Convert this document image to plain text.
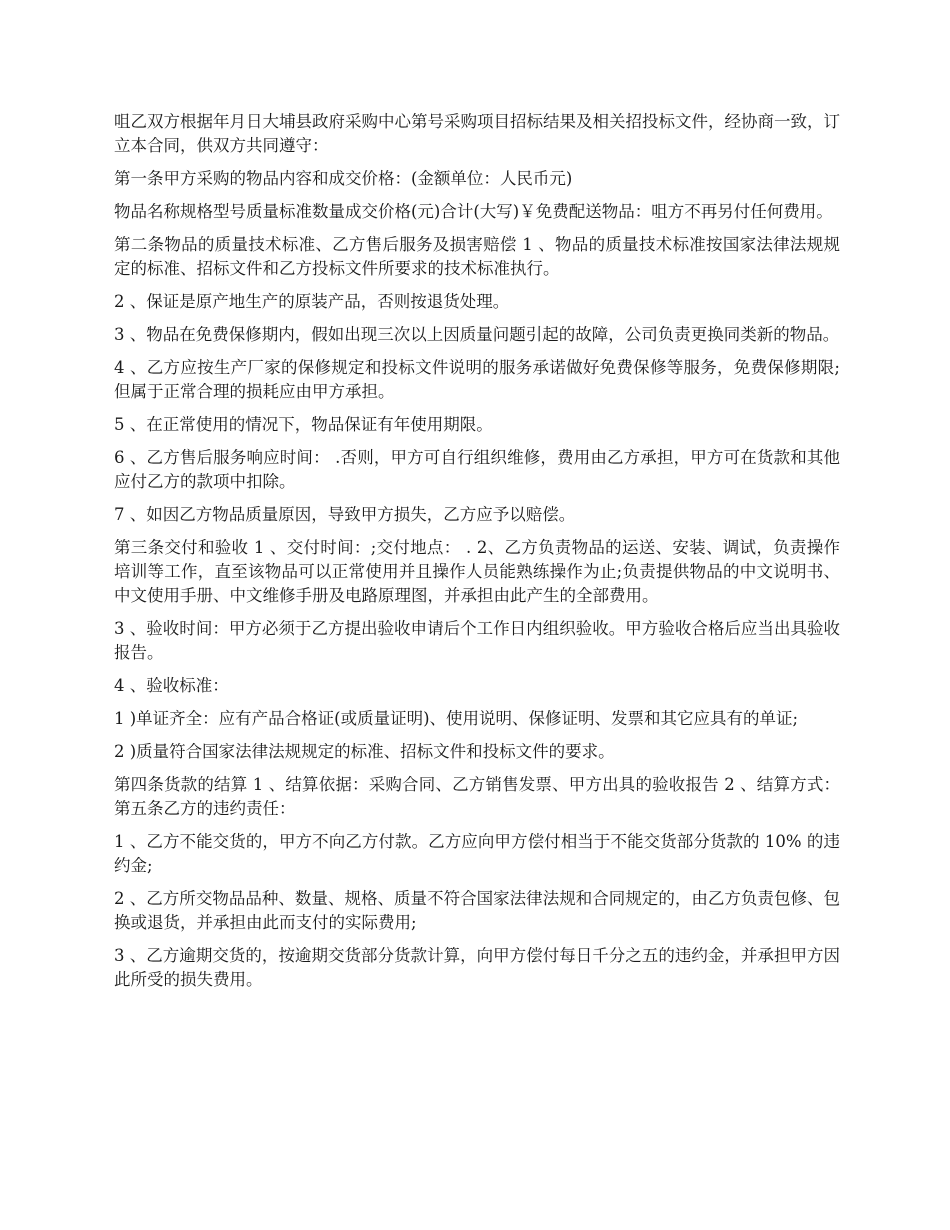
咀乙双方根据年月日大埔县政府采购中心第号采购项目招标结果及相关招投标文件，经协商一致，订立本合同，供双方共同遵守：

第一条甲方采购的物品内容和成交价格：(金额单位：人民币元)

物品名称规格型号质量标准数量成交价格(元)合计(大写)￥免费配送物品：咀方不再另付任何费用。

第二条物品的质量技术标准、乙方售后服务及损害赔偿 1 、物品的质量技术标准按国家法律法规规定的标准、招标文件和乙方投标文件所要求的技术标准执行。

2 、保证是原产地生产的原装产品，否则按退货处理。

3 、物品在免费保修期内，假如出现三次以上因质量问题引起的故障，公司负责更换同类新的物品。

4 、乙方应按生产厂家的保修规定和投标文件说明的服务承诺做好免费保修等服务，免费保修期限;但属于正常合理的损耗应由甲方承担。

5 、在正常使用的情况下，物品保证有年使用期限。

6 、乙方售后服务响应时间： .否则，甲方可自行组织维修，费用由乙方承担，甲方可在货款和其他应付乙方的款项中扣除。

7 、如因乙方物品质量原因，导致甲方损失，乙方应予以赔偿。

第三条交付和验收 1 、交付时间：;交付地点： . 2、乙方负责物品的运送、安装、调试，负责操作培训等工作，直至该物品可以正常使用并且操作人员能熟练操作为止;负责提供物品的中文说明书、中文使用手册、中文维修手册及电路原理图，并承担由此产生的全部费用。

3 、验收时间：甲方必须于乙方提出验收申请后个工作日内组织验收。甲方验收合格后应当出具验收报告。

4 、验收标准：

1 )单证齐全：应有产品合格证(或质量证明)、使用说明、保修证明、发票和其它应具有的单证;

2 )质量符合国家法律法规规定的标准、招标文件和投标文件的要求。

第四条货款的结算 1 、结算依据：采购合同、乙方销售发票、甲方出具的验收报告 2 、结算方式：第五条乙方的违约责任：

1 、乙方不能交货的，甲方不向乙方付款。乙方应向甲方偿付相当于不能交货部分货款的 10% 的违约金;

2 、乙方所交物品品种、数量、规格、质量不符合国家法律法规和合同规定的，由乙方负责包修、包换或退货，并承担由此而支付的实际费用;

3 、乙方逾期交货的，按逾期交货部分货款计算，向甲方偿付每日千分之五的违约金，并承担甲方因此所受的损失费用。
